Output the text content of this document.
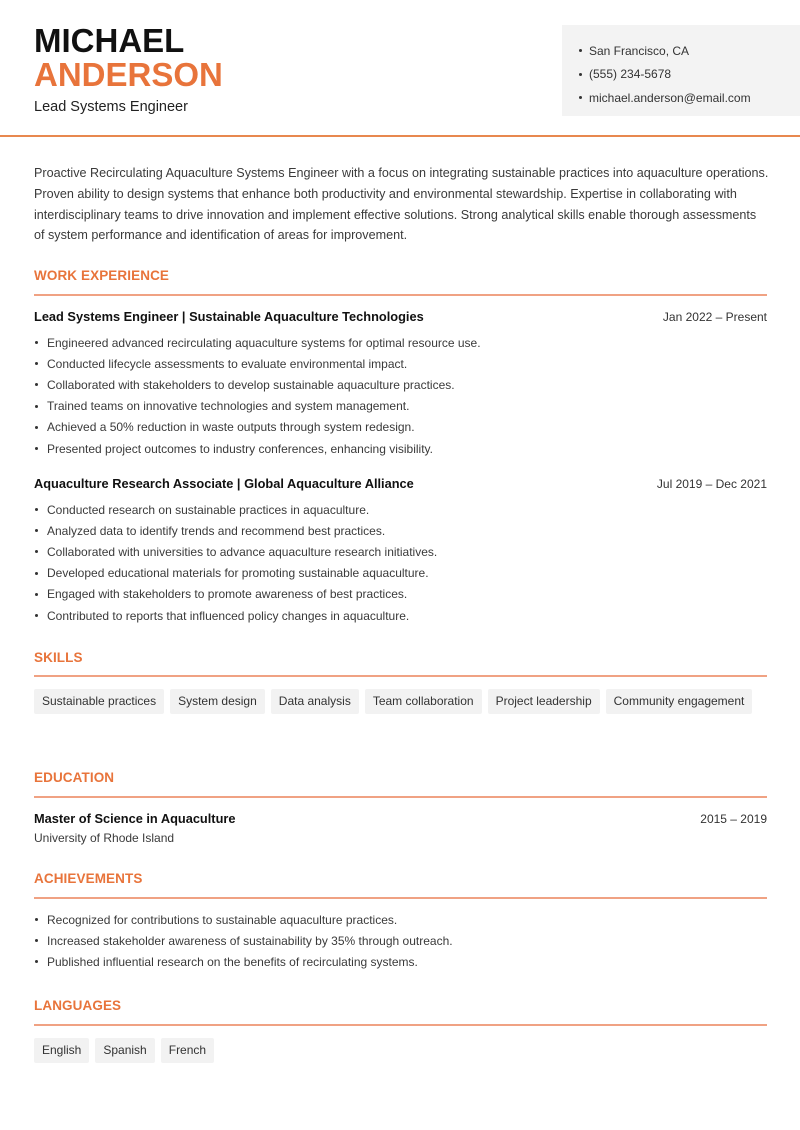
MICHAEL
ANDERSON
Lead Systems Engineer
San Francisco, CA
(555) 234-5678
michael.anderson@email.com

Proactive Recirculating Aquaculture Systems Engineer with a focus on integrating sustainable practices into aquaculture operations. Proven ability to design systems that enhance both productivity and environmental stewardship. Expertise in collaborating with interdisciplinary teams to drive innovation and implement effective solutions. Strong analytical skills enable thorough assessments of system performance and identification of areas for improvement.

WORK EXPERIENCE
Lead Systems Engineer | Sustainable Aquaculture Technologies	Jan 2022 – Present
Engineered advanced recirculating aquaculture systems for optimal resource use.
Conducted lifecycle assessments to evaluate environmental impact.
Collaborated with stakeholders to develop sustainable aquaculture practices.
Trained teams on innovative technologies and system management.
Achieved a 50% reduction in waste outputs through system redesign.
Presented project outcomes to industry conferences, enhancing visibility.
Aquaculture Research Associate | Global Aquaculture Alliance	Jul 2019 – Dec 2021
Conducted research on sustainable practices in aquaculture.
Analyzed data to identify trends and recommend best practices.
Collaborated with universities to advance aquaculture research initiatives.
Developed educational materials for promoting sustainable aquaculture.
Engaged with stakeholders to promote awareness of best practices.
Contributed to reports that influenced policy changes in aquaculture.
SKILLS
Sustainable practices	System design	Data analysis	Team collaboration	Project leadership	Community engagement
EDUCATION
Master of Science in Aquaculture	2015 – 2019
University of Rhode Island
ACHIEVEMENTS
Recognized for contributions to sustainable aquaculture practices.
Increased stakeholder awareness of sustainability by 35% through outreach.
Published influential research on the benefits of recirculating systems.
LANGUAGES
English	Spanish	French
